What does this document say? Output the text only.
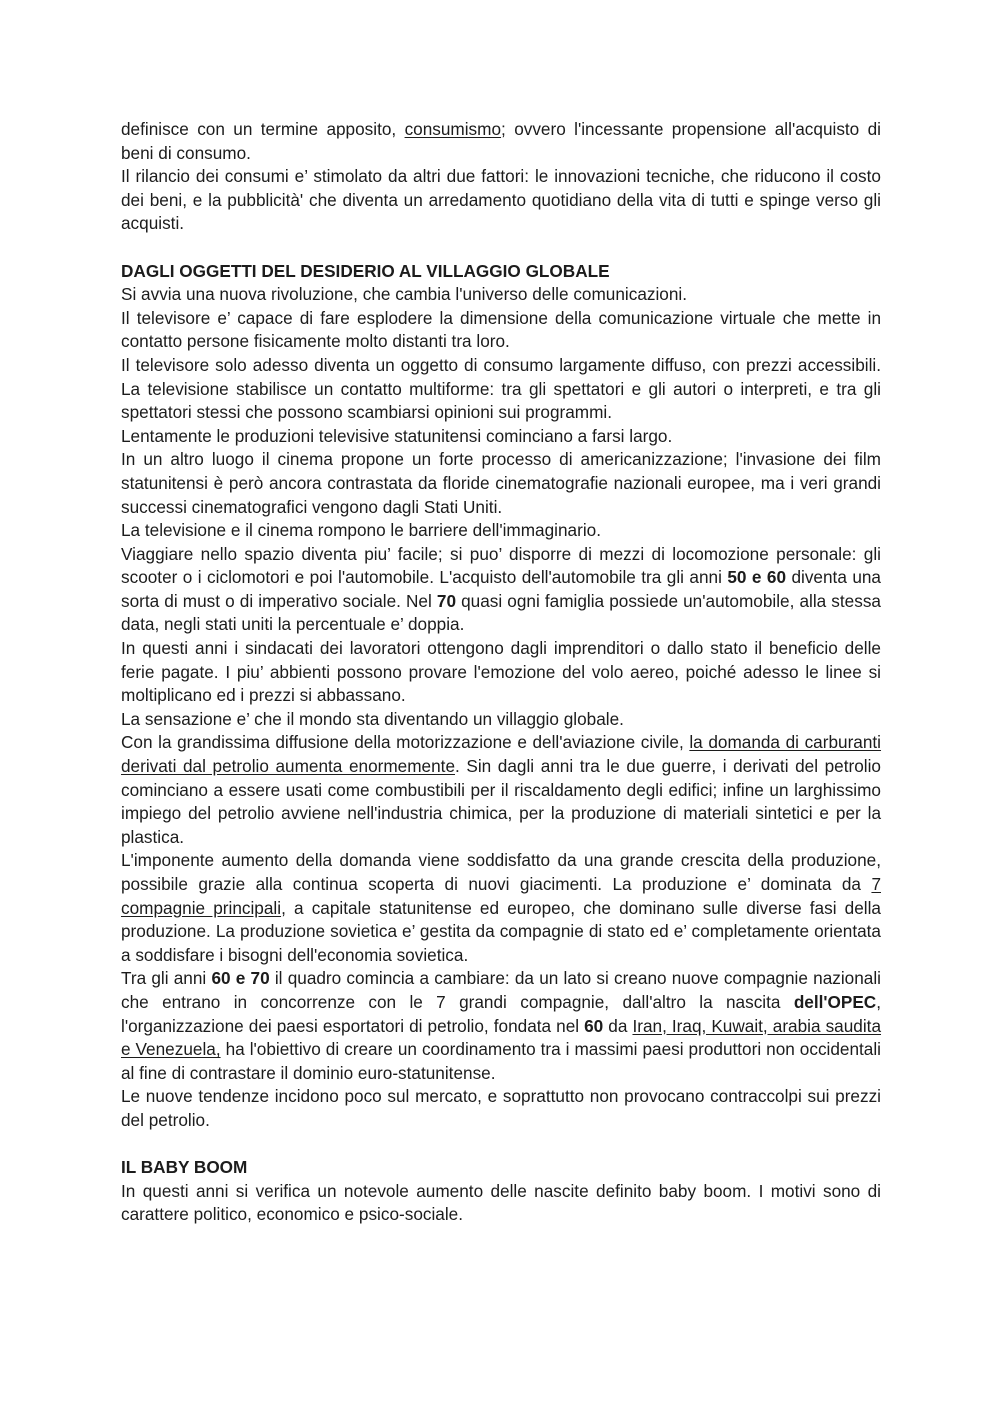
definisce con un termine apposito, consumismo; ovvero l'incessante propensione all'acquisto di beni di consumo.

Il rilancio dei consumi e’ stimolato da altri due fattori: le innovazioni tecniche, che riducono il costo dei beni, e la pubblicità' che diventa un arredamento quotidiano della vita di tutti e spinge verso gli acquisti.

DAGLI OGGETTI DEL DESIDERIO AL VILLAGGIO GLOBALE

Si avvia una nuova rivoluzione, che cambia l'universo delle comunicazioni.

Il televisore e’ capace di fare esplodere la dimensione della comunicazione virtuale che mette in contatto persone fisicamente molto distanti tra loro.

Il televisore solo adesso diventa un oggetto di consumo largamente diffuso, con prezzi accessibili. La televisione stabilisce un contatto multiforme: tra gli spettatori e gli autori o interpreti, e tra gli spettatori stessi che possono scambiarsi opinioni sui programmi.

Lentamente le produzioni televisive statunitensi cominciano a farsi largo.

In un altro luogo il cinema propone un forte processo di americanizzazione; l'invasione dei film statunitensi è però ancora contrastata da floride cinematografie nazionali europee, ma i veri grandi successi cinematografici vengono dagli Stati Uniti.

La televisione e il cinema rompono le barriere dell'immaginario.

Viaggiare nello spazio diventa piu’ facile; si puo’ disporre di mezzi di locomozione personale: gli scooter o i ciclomotori e poi l'automobile. L'acquisto dell'automobile tra gli anni 50 e 60 diventa una sorta di must o di imperativo sociale. Nel 70 quasi ogni famiglia possiede un'automobile, alla stessa data, negli stati uniti la percentuale e’ doppia.

In questi anni i sindacati dei lavoratori ottengono dagli imprenditori o dallo stato il beneficio delle ferie pagate. I piu’ abbienti possono provare l'emozione del volo aereo, poiché adesso le linee si moltiplicano ed i prezzi si abbassano.

La sensazione e’ che il mondo sta diventando un villaggio globale.

Con la grandissima diffusione della motorizzazione e dell'aviazione civile, la domanda di carburanti derivati dal petrolio aumenta enormemente. Sin dagli anni tra le due guerre, i derivati del petrolio cominciano a essere usati come combustibili per il riscaldamento degli edifici; infine un larghissimo impiego del petrolio avviene nell'industria chimica, per la produzione di materiali sintetici e per la plastica.

L'imponente aumento della domanda viene soddisfatto da una grande crescita della produzione, possibile grazie alla continua scoperta di nuovi giacimenti. La produzione e’ dominata da 7 compagnie principali, a capitale statunitense ed europeo, che dominano sulle diverse fasi della produzione. La produzione sovietica e’ gestita da compagnie di stato ed e’ completamente orientata a soddisfare i bisogni dell'economia sovietica.

Tra gli anni 60 e 70 il quadro comincia a cambiare: da un lato si creano nuove compagnie nazionali che entrano in concorrenze con le 7 grandi compagnie, dall'altro la nascita dell'OPEC, l'organizzazione dei paesi esportatori di petrolio, fondata nel 60 da Iran, Iraq, Kuwait, arabia saudita e Venezuela, ha l'obiettivo di creare un coordinamento tra i massimi paesi produttori non occidentali al fine di contrastare il dominio euro-statunitense.

Le nuove tendenze incidono poco sul mercato, e soprattutto non provocano contraccolpi sui prezzi del petrolio.

IL BABY BOOM

In questi anni si verifica un notevole aumento delle nascite definito baby boom. I motivi sono di carattere politico, economico e psico-sociale.
